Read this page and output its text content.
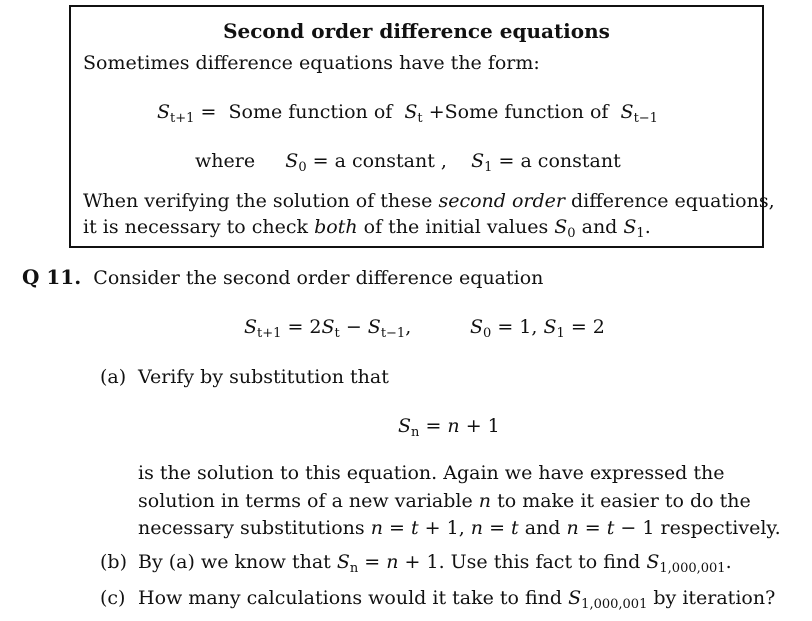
Second order difference equations
Sometimes difference equations have the form:
$S_{t+1}$ = Some function of $S_t$ +Some function of $S_{t-1}$
where $S_0 = a$ constant , $S_1 = a$ constant
When verifying the solution of these second order difference equations,
it is necessary to check both of the initial values $S_0$ and $S_1$.
Q 11. Consider the second order difference equation
$S_{t+1} = 2S_t - S_{t-1}$,	$S_0 = 1$, $S_1 = 2$
(a) Verify by substitution that
$S_n = n + 1$
is the solution to this equation. Again we have expressed the
solution in terms of a new variable n to make it easier to do the
necessary substitutions n = t + 1, n = t and n = t − 1 respectively.
(b) By (a) we know that $S_n = n + 1$. Use this fact to find $S_{1,000,001}$.
(c) How many calculations would it take to find $S_{1,000,001}$ by iteration?
